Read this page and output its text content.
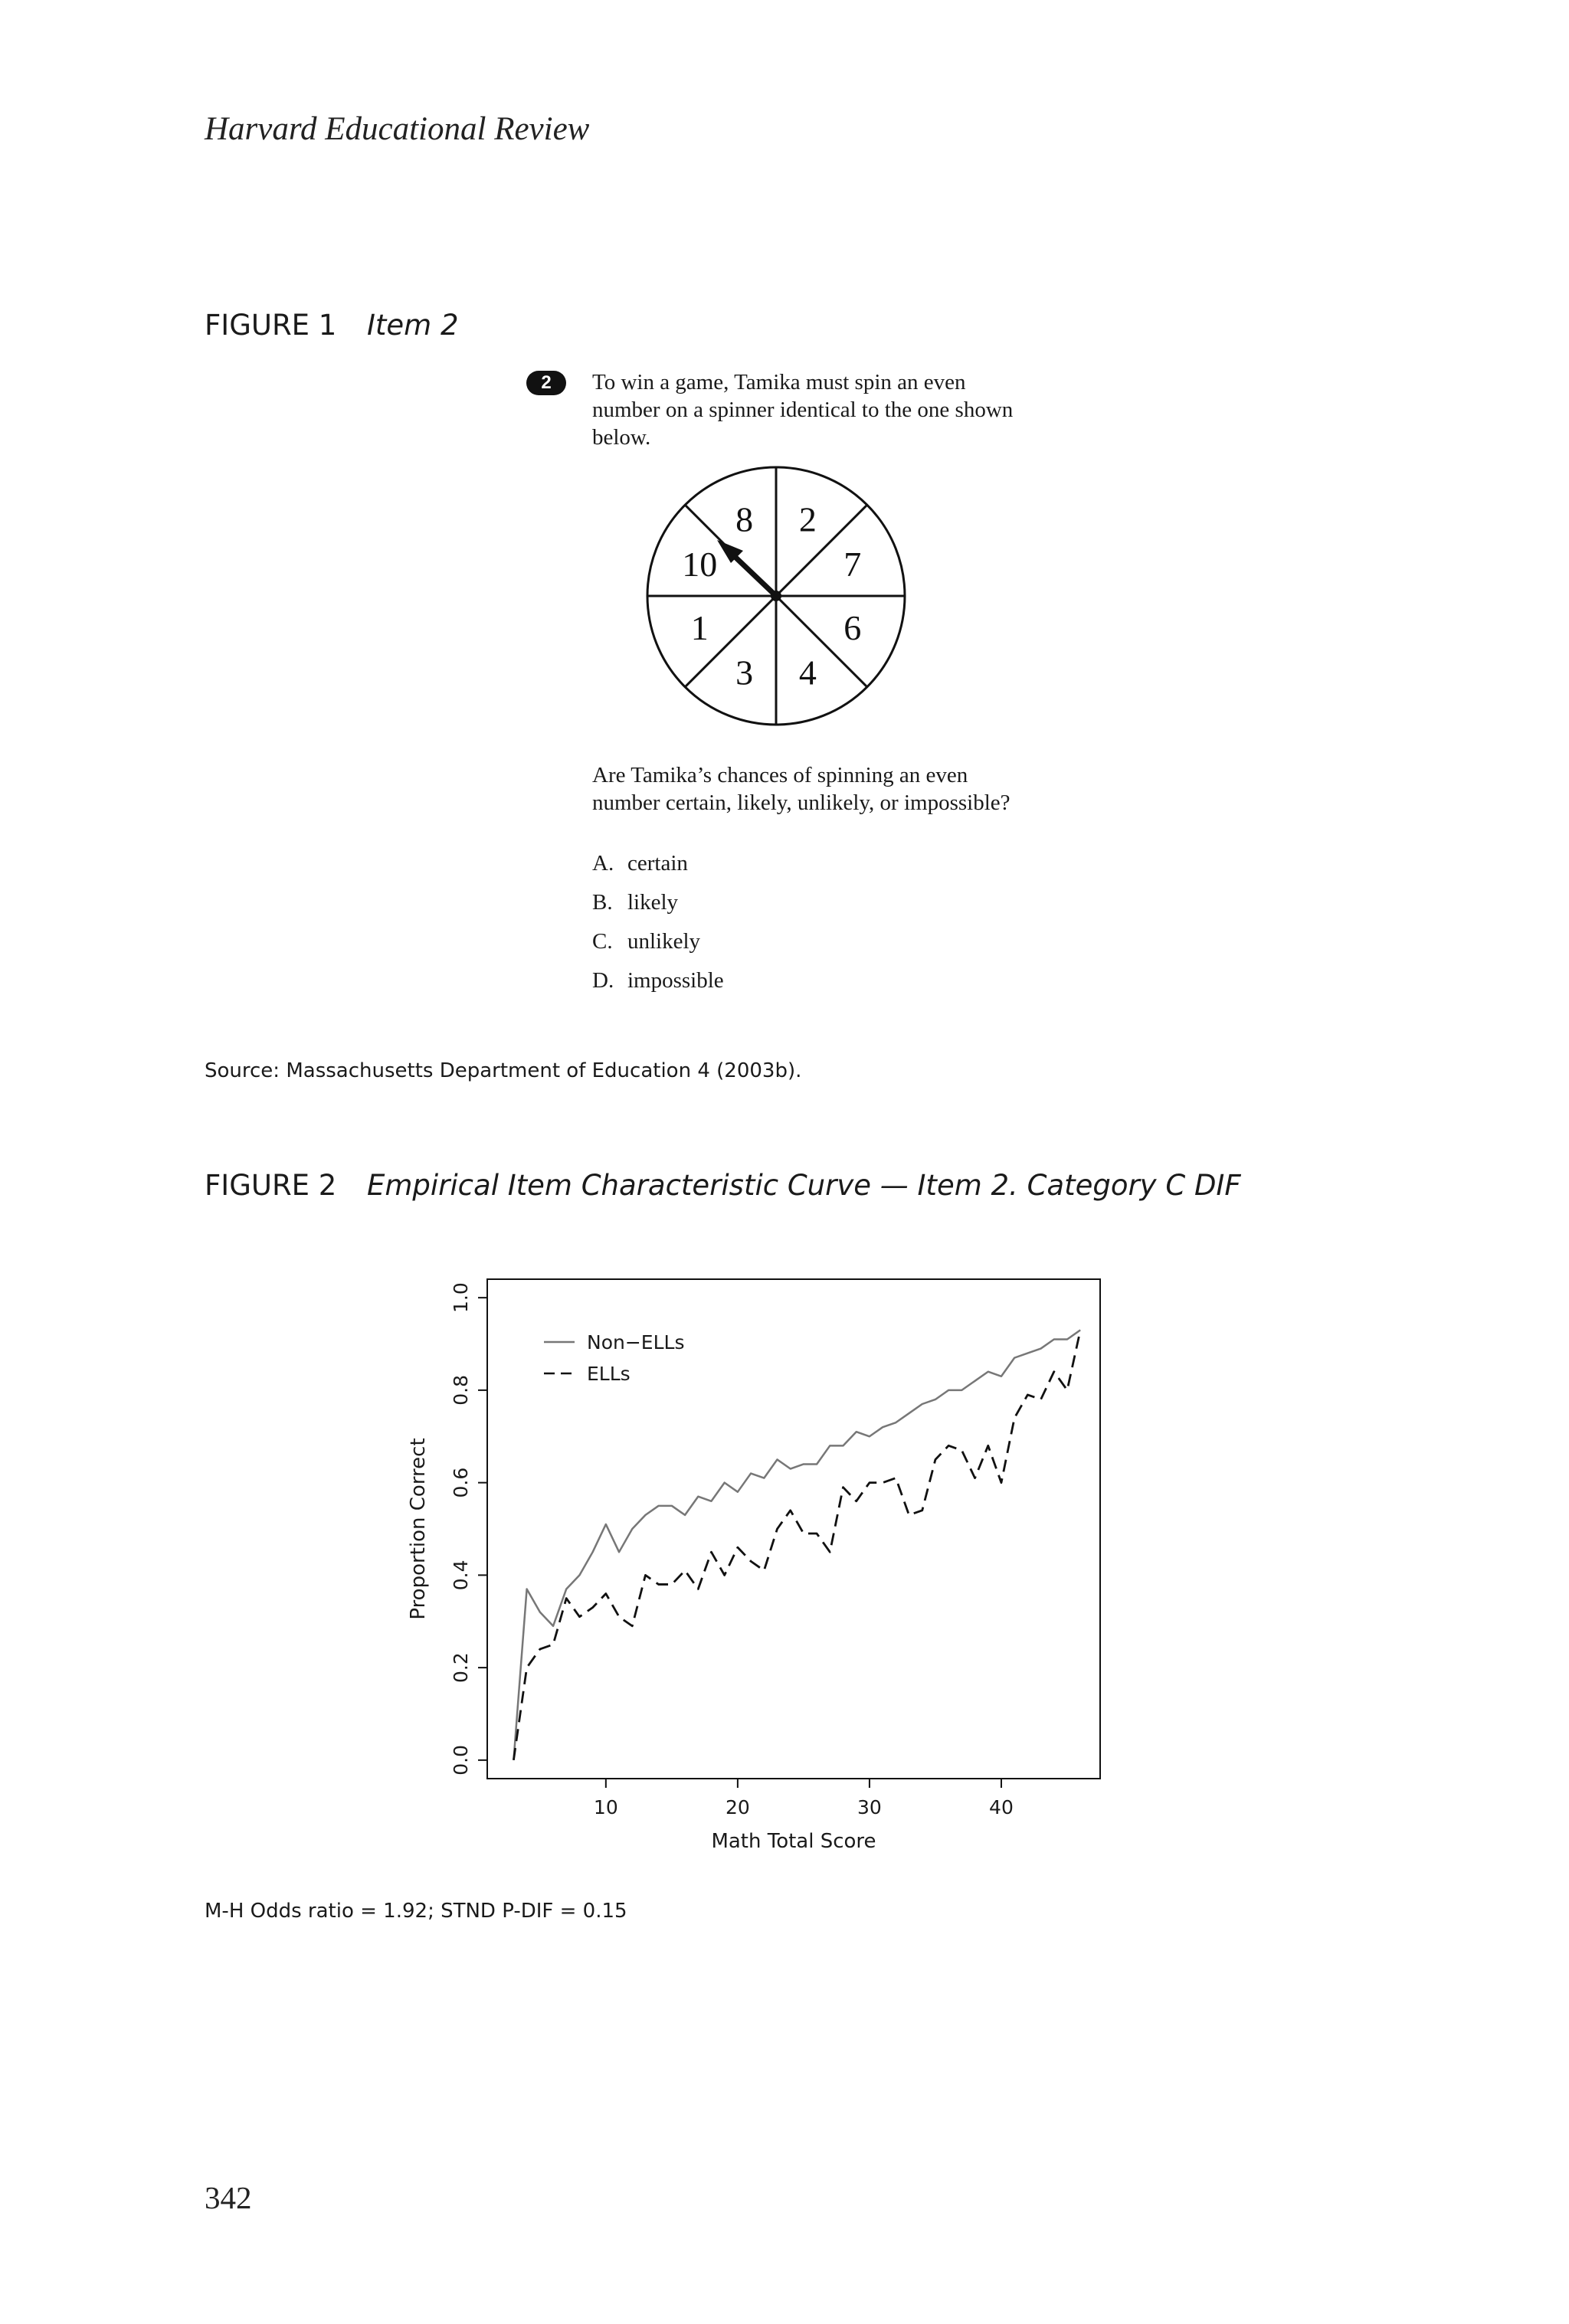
Harvard Educational Review
FIGURE 1 Item 2
2	To win a game, Tamika must spin an even number on a spinner identical to the one shown below.
2
7
6
4
3
1
10
8
Are Tamika’s chances of spinning an even number certain, likely, unlikely, or impossible?
A. certain
B. likely
C. unlikely
D. impossible
Source: Massachusetts Department of Education 4 (2003b).
FIGURE 2 Empirical Item Characteristic Curve — Item 2. Category C DIF
10	20	30	40
0.0
0.2
0.4
0.6
0.8
1.0
Math Total Score
Proportion Correct
Non−ELLs
ELLs
M-H Odds ratio = 1.92; STND P-DIF = 0.15
342
